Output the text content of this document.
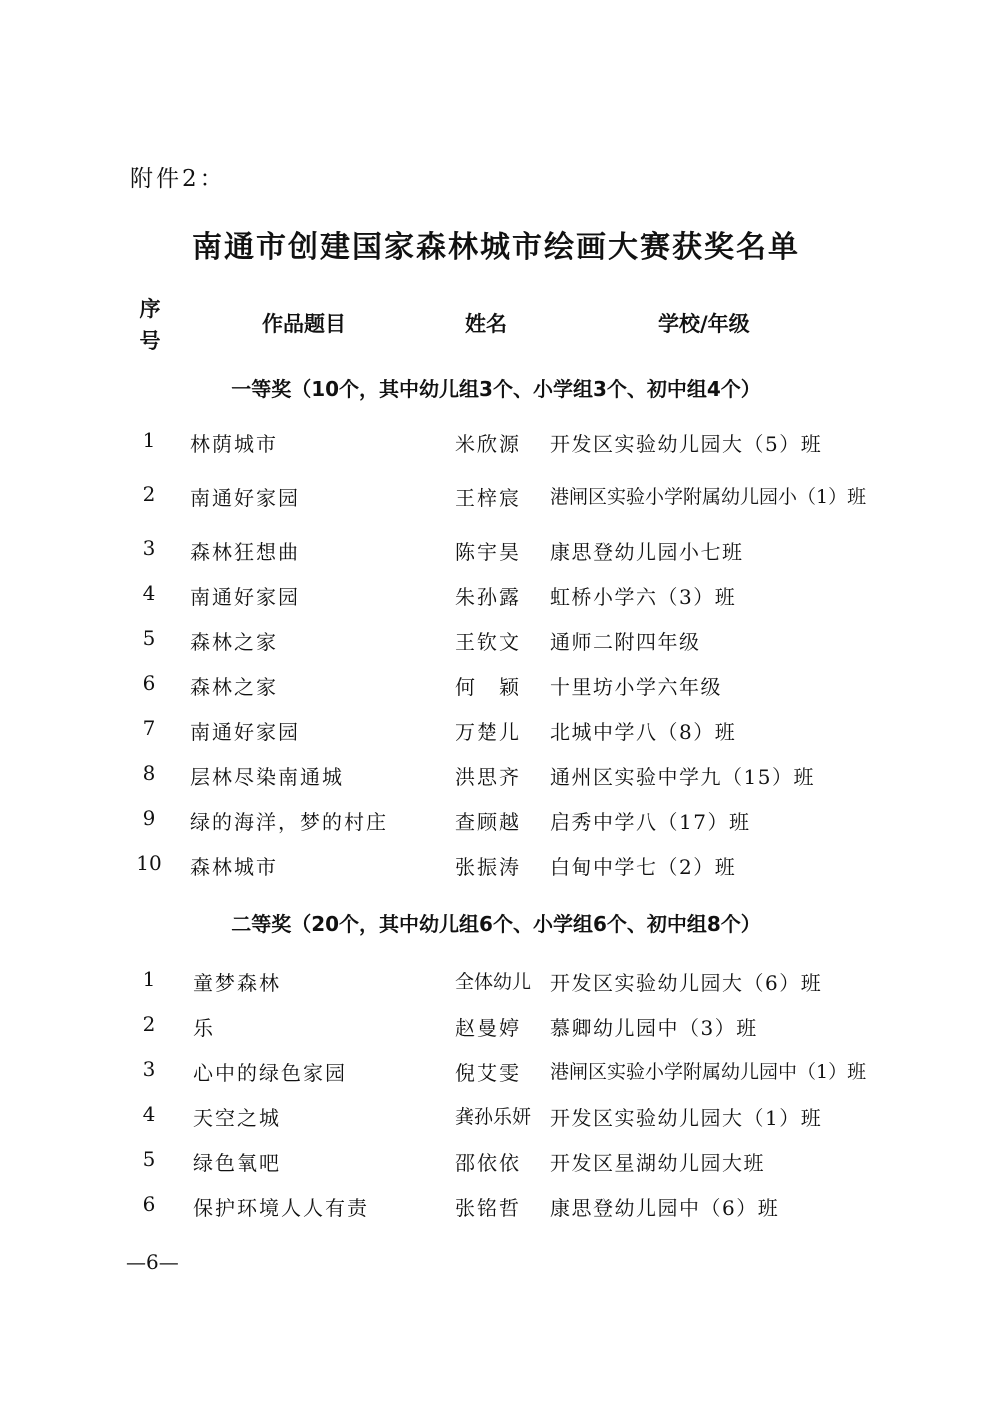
附件2：
南通市创建国家森林城市绘画大赛获奖名单
序
号
作品题目	姓名	学校/年级
一等奖（10个，其中幼儿组3个、小学组3个、初中组4个）
1	林荫城市	米欣源 开发区实验幼儿园大（5）班
2	南通好家园	王梓宸 港闸区实验小学附属幼儿园小（1）班
3	森林狂想曲	陈宇昊 康思登幼儿园小七班
4	南通好家园	朱孙露 虹桥小学六（3）班
5	森林之家	王钦文 通师二附四年级
6	森林之家	何　颖 十里坊小学六年级
7	南通好家园	万楚儿 北城中学八（8）班
8	层林尽染南通城	洪思齐 通州区实验中学九（15）班
9	绿的海洋，梦的村庄	查顾越 启秀中学八（17）班
10	森林城市	张振涛 白甸中学七（2）班
二等奖（20个，其中幼儿组6个、小学组6个、初中组8个）
1	童梦森林	全体幼儿 开发区实验幼儿园大（6）班
2	乐	赵曼婷 慕卿幼儿园中（3）班
3	心中的绿色家园	倪艾雯 港闸区实验小学附属幼儿园中（1）班
4	天空之城	龚孙乐妍 开发区实验幼儿园大（1）班
5	绿色氧吧	邵依依 开发区星湖幼儿园大班
6	保护环境人人有责	张铭哲 康思登幼儿园中（6）班
—6—
